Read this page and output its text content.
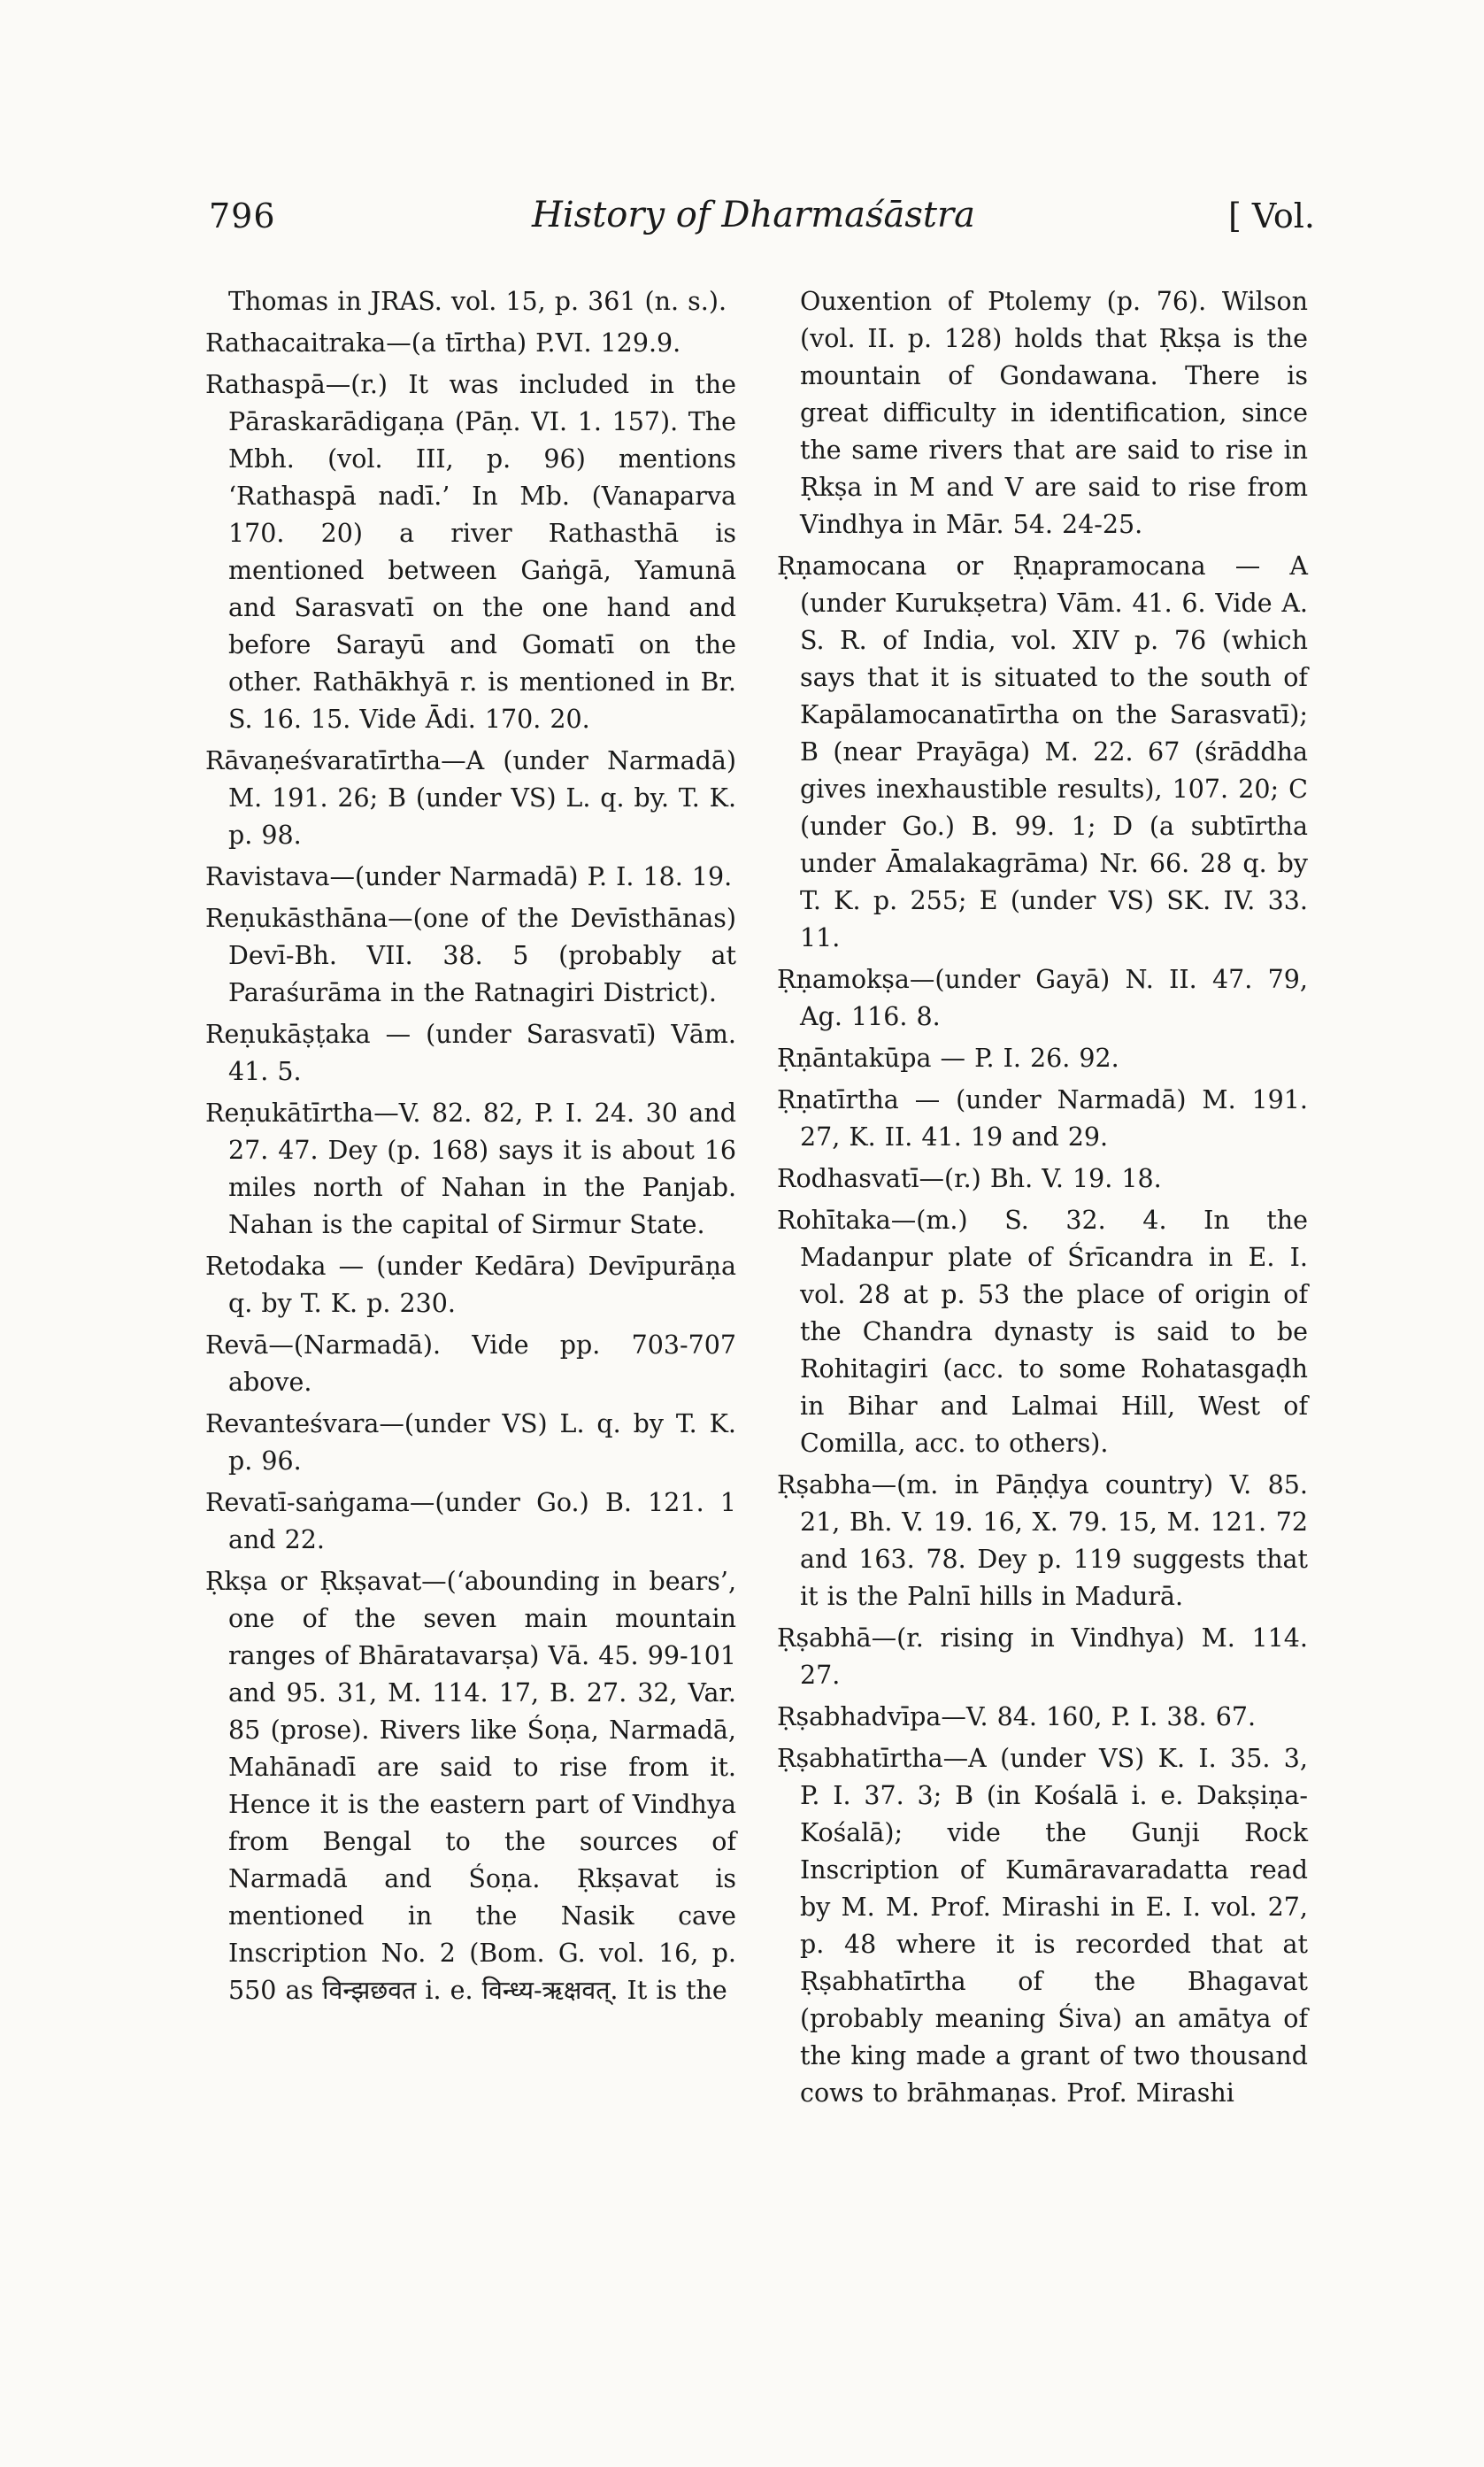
796	History of Dharmaśāstra	[ Vol.

Thomas in JRAS. vol. 15, p. 361 (n. s.).

Rathacaitraka—(a tīrtha) P.VI. 129.9.

Rathaspā—(r.) It was included in the Pāraskarādigaṇa (Pāṇ. VI. 1. 157). The Mbh. (vol. III, p. 96) mentions ‘Rathaspā nadī.’ In Mb. (Vanaparva 170. 20) a river Rathasthā is mentioned between Gaṅgā, Yamunā and Sarasvatī on the one hand and before Sarayū and Gomatī on the other. Rathākhyā r. is mentioned in Br. S. 16. 15. Vide Ādi. 170. 20.

Rāvaṇeśvaratīrtha—A (under Narmadā) M. 191. 26; B (under VS) L. q. by. T. K. p. 98.

Ravistava—(under Narmadā) P. I. 18. 19.

Reṇukāsthāna—(one of the Devīsthānas) Devī-Bh. VII. 38. 5 (probably at Paraśurāma in the Ratnagiri District).

Reṇukāṣṭaka — (under Sarasvatī) Vām. 41. 5.

Reṇukātīrtha—V. 82. 82, P. I. 24. 30 and 27. 47. Dey (p. 168) says it is about 16 miles north of Nahan in the Panjab. Nahan is the capital of Sirmur State.

Retodaka — (under Kedāra) Devīpurāṇa q. by T. K. p. 230.

Revā—(Narmadā). Vide pp. 703-707 above.

Revanteśvara—(under VS) L. q. by T. K. p. 96.

Revatī-saṅgama—(under Go.) B. 121. 1 and 22.

Ṛkṣa or Ṛkṣavat—(‘abounding in bears’, one of the seven main mountain ranges of Bhāratavarṣa) Vā. 45. 99-101 and 95. 31, M. 114. 17, B. 27. 32, Var. 85 (prose). Rivers like Śoṇa, Narmadā, Mahānadī are said to rise from it. Hence it is the eastern part of Vindhya from Bengal to the sources of Narmadā and Śoṇa. Ṛkṣavat is mentioned in the Nasik cave Inscription No. 2 (Bom. G. vol. 16, p. 550 as विन्झछवत i. e. विन्ध्य-ऋक्षवत्. It is the

Ouxention of Ptolemy (p. 76). Wilson (vol. II. p. 128) holds that Ṛkṣa is the mountain of Gondawana. There is great difficulty in identification, since the same rivers that are said to rise in Ṛkṣa in M and V are said to rise from Vindhya in Mār. 54. 24-25.

Ṛṇamocana or Ṛṇapramocana — A (under Kurukṣetra) Vām. 41. 6. Vide A. S. R. of India, vol. XIV p. 76 (which says that it is situated to the south of Kapālamocanatīrtha on the Sarasvatī); B (near Prayāga) M. 22. 67 (śrāddha gives inexhaustible results), 107. 20; C (under Go.) B. 99. 1; D (a subtīrtha under Āmalakagrāma) Nr. 66. 28 q. by T. K. p. 255; E (under VS) SK. IV. 33. 11.

Ṛṇamokṣa—(under Gayā) N. II. 47. 79, Ag. 116. 8.

Ṛṇāntakūpa — P. I. 26. 92.

Ṛṇatīrtha — (under Narmadā) M. 191. 27, K. II. 41. 19 and 29.

Rodhasvatī—(r.) Bh. V. 19. 18.

Rohītaka—(m.) S. 32. 4. In the Madanpur plate of Śrīcandra in E. I. vol. 28 at p. 53 the place of origin of the Chandra dynasty is said to be Rohitagiri (acc. to some Rohatasgaḍh in Bihar and Lalmai Hill, West of Comilla, acc. to others).

Ṛṣabha—(m. in Pāṇḍya country) V. 85. 21, Bh. V. 19. 16, X. 79. 15, M. 121. 72 and 163. 78. Dey p. 119 suggests that it is the Palnī hills in Madurā.

Ṛṣabhā—(r. rising in Vindhya) M. 114. 27.

Ṛṣabhadvīpa—V. 84. 160, P. I. 38. 67.

Ṛṣabhatīrtha—A (under VS) K. I. 35. 3, P. I. 37. 3; B (in Kośalā i. e. Dakṣiṇa-Kośalā); vide the Gunji Rock Inscription of Kumāravaradatta read by M. M. Prof. Mirashi in E. I. vol. 27, p. 48 where it is recorded that at Ṛṣabhatīrtha of the Bhagavat (probably meaning Śiva) an amātya of the king made a grant of two thousand cows to brāhmaṇas. Prof. Mirashi
